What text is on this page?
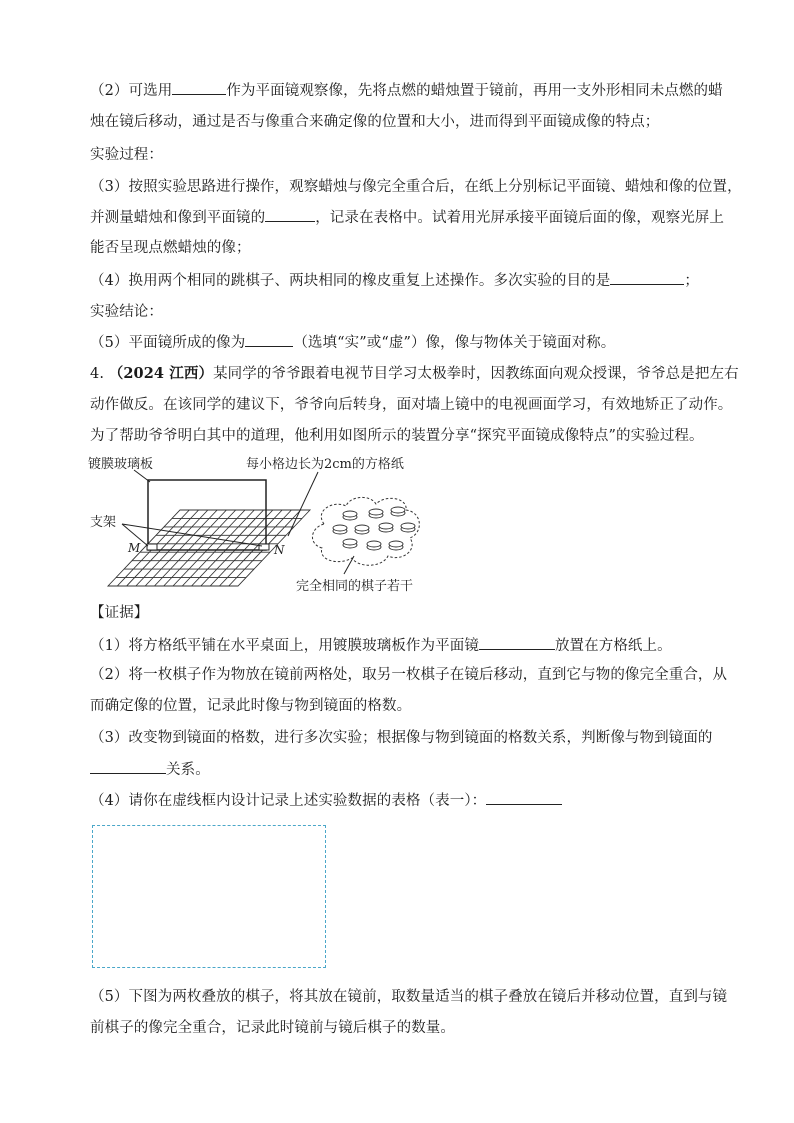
（2）可选用	作为平面镜观察像，先将点燃的蜡烛置于镜前，再用一支外形相同未点燃的蜡
烛在镜后移动，通过是否与像重合来确定像的位置和大小，进而得到平面镜成像的特点；
实验过程：
（3）按照实验思路进行操作，观察蜡烛与像完全重合后，在纸上分别标记平面镜、蜡烛和像的位置，
并测量蜡烛和像到平面镜的	，记录在表格中。试着用光屏承接平面镜后面的像，观察光屏上
能否呈现点燃蜡烛的像；
（4）换用两个相同的跳棋子、两块相同的橡皮重复上述操作。多次实验的目的是	；
实验结论：
（5）平面镜所成的像为	（选填“实”或“虚”）像，像与物体关于镜面对称。
4. （2024 江西）某同学的爷爷跟着电视节目学习太极拳时，因教练面向观众授课，爷爷总是把左右
动作做反。在该同学的建议下，爷爷向后转身，面对墙上镜中的电视画面学习，有效地矫正了动作。
为了帮助爷爷明白其中的道理，他利用如图所示的装置分享“探究平面镜成像特点”的实验过程。
镀膜玻璃板	每小格边长为2cm的方格纸
支架
M	N
完全相同的棋子若干
【证据】
（1）将方格纸平铺在水平桌面上，用镀膜玻璃板作为平面镜	放置在方格纸上。
（2）将一枚棋子作为物放在镜前两格处，取另一枚棋子在镜后移动，直到它与物的像完全重合，从
而确定像的位置，记录此时像与物到镜面的格数。
（3）改变物到镜面的格数，进行多次实验；根据像与物到镜面的格数关系，判断像与物到镜面的
关系。
（4）请你在虚线框内设计记录上述实验数据的表格（表一）：
（5）下图为两枚叠放的棋子，将其放在镜前，取数量适当的棋子叠放在镜后并移动位置，直到与镜
前棋子的像完全重合，记录此时镜前与镜后棋子的数量。
